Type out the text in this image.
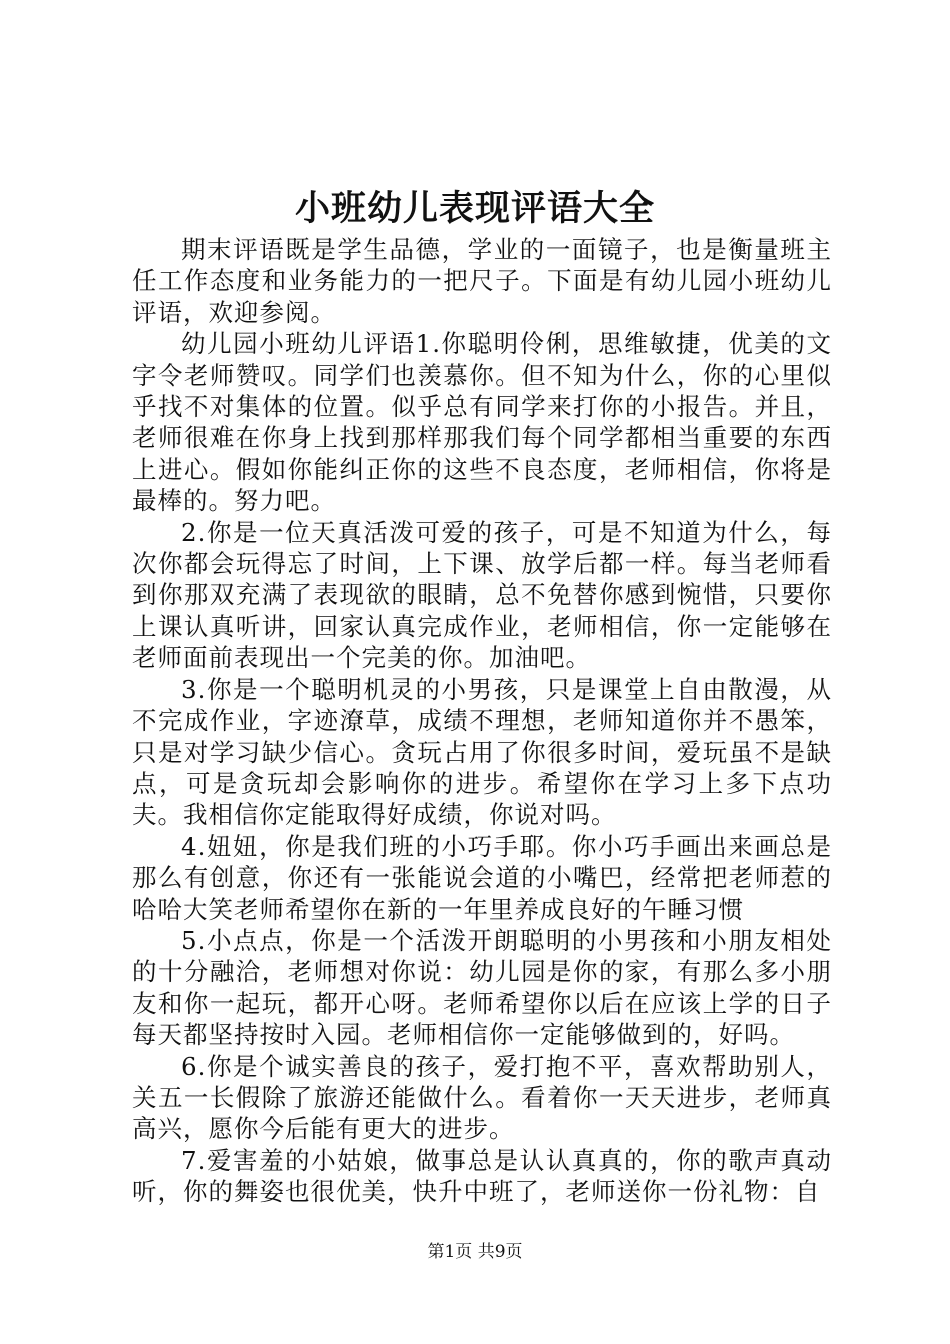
小班幼儿表现评语大全

期末评语既是学生品德，学业的一面镜子，也是衡量班主任工作态度和业务能力的一把尺子。下面是有幼儿园小班幼儿评语，欢迎参阅。

幼儿园小班幼儿评语1.你聪明伶俐，思维敏捷，优美的文字令老师赞叹。同学们也羡慕你。但不知为什么，你的心里似乎找不对集体的位置。似乎总有同学来打你的小报告。并且，老师很难在你身上找到那样那我们每个同学都相当重要的东西上进心。假如你能纠正你的这些不良态度，老师相信，你将是最棒的。努力吧。

2.你是一位天真活泼可爱的孩子，可是不知道为什么，每次你都会玩得忘了时间，上下课、放学后都一样。每当老师看到你那双充满了表现欲的眼睛，总不免替你感到惋惜，只要你上课认真听讲，回家认真完成作业，老师相信，你一定能够在老师面前表现出一个完美的你。加油吧。

3.你是一个聪明机灵的小男孩，只是课堂上自由散漫，从不完成作业，字迹潦草，成绩不理想，老师知道你并不愚笨，只是对学习缺少信心。贪玩占用了你很多时间，爱玩虽不是缺点，可是贪玩却会影响你的进步。希望你在学习上多下点功夫。我相信你定能取得好成绩，你说对吗。

4.妞妞，你是我们班的小巧手耶。你小巧手画出来画总是那么有创意，你还有一张能说会道的小嘴巴，经常把老师惹的哈哈大笑老师希望你在新的一年里养成良好的午睡习惯

5.小点点，你是一个活泼开朗聪明的小男孩和小朋友相处的十分融洽，老师想对你说：幼儿园是你的家，有那么多小朋友和你一起玩，都开心呀。老师希望你以后在应该上学的日子每天都坚持按时入园。老师相信你一定能够做到的，好吗。

6.你是个诚实善良的孩子，爱打抱不平，喜欢帮助别人，关五一长假除了旅游还能做什么。看着你一天天进步，老师真高兴，愿你今后能有更大的进步。

7.爱害羞的小姑娘，做事总是认认真真的，你的歌声真动听，你的舞姿也很优美，快升中班了，老师送你一份礼物：自

第1页 共9页
